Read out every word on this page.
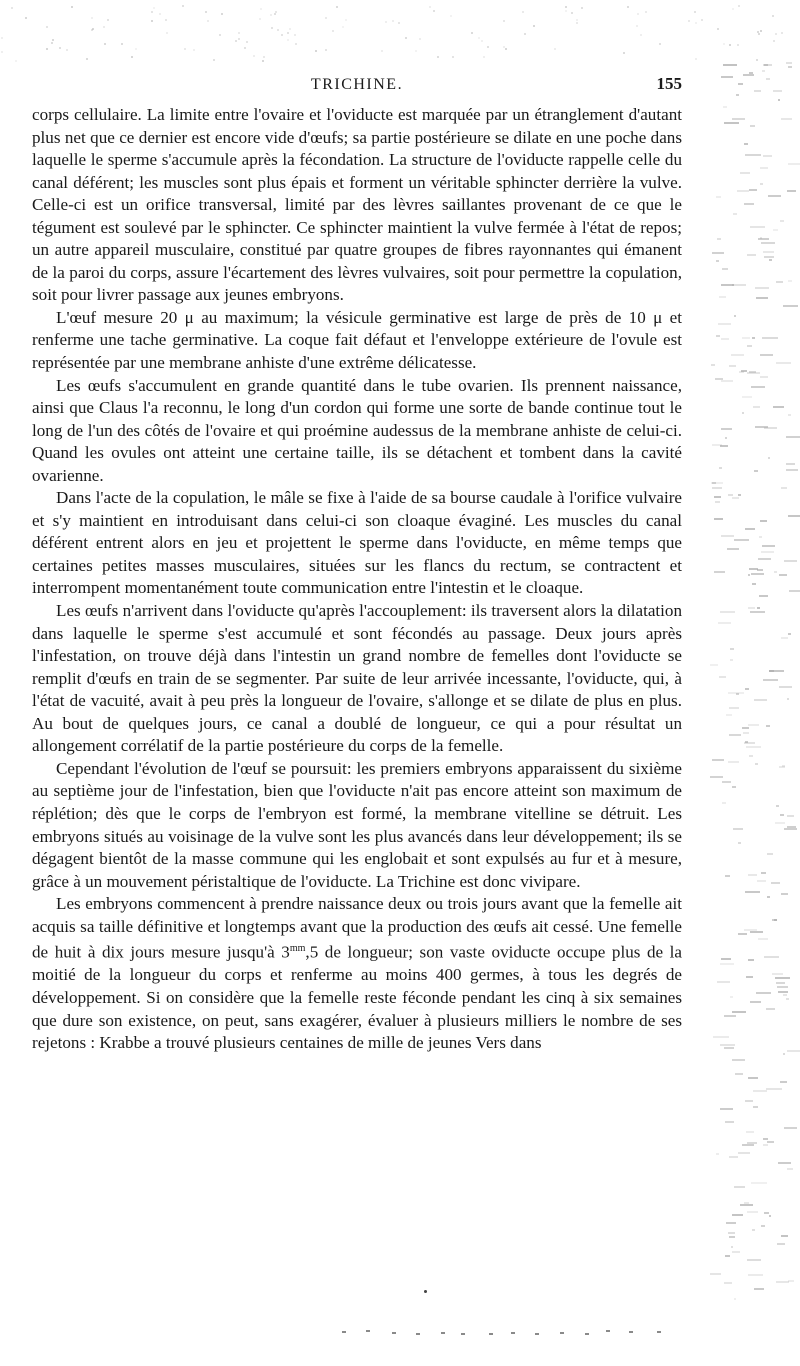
TRICHINE.	155

corps cellulaire. La limite entre l'ovaire et l'oviducte est marquée par un étranglement d'autant plus net que ce dernier est encore vide d'œufs; sa partie postérieure se dilate en une poche dans laquelle le sperme s'accumule après la fécondation. La structure de l'oviducte rappelle celle du canal déférent; les muscles sont plus épais et forment un véritable sphincter derrière la vulve. Celle-ci est un orifice transversal, limité par des lèvres saillantes provenant de ce que le tégument est soulevé par le sphincter. Ce sphincter maintient la vulve fermée à l'état de repos; un autre appareil musculaire, constitué par quatre groupes de fibres rayonnantes qui émanent de la paroi du corps, assure l'écartement des lèvres vulvaires, soit pour permettre la copulation, soit pour livrer passage aux jeunes embryons.

L'œuf mesure 20 μ au maximum; la vésicule germinative est large de près de 10 μ et renferme une tache germinative. La coque fait défaut et l'enveloppe extérieure de l'ovule est représentée par une membrane anhiste d'une extrême délicatesse.

Les œufs s'accumulent en grande quantité dans le tube ovarien. Ils prennent naissance, ainsi que Claus l'a reconnu, le long d'un cordon qui forme une sorte de bande continue tout le long de l'un des côtés de l'ovaire et qui proémine audessus de la membrane anhiste de celui-ci. Quand les ovules ont atteint une certaine taille, ils se détachent et tombent dans la cavité ovarienne.

Dans l'acte de la copulation, le mâle se fixe à l'aide de sa bourse caudale à l'orifice vulvaire et s'y maintient en introduisant dans celui-ci son cloaque évaginé. Les muscles du canal déférent entrent alors en jeu et projettent le sperme dans l'oviducte, en même temps que certaines petites masses musculaires, situées sur les flancs du rectum, se contractent et interrompent momentanément toute communication entre l'intestin et le cloaque.

Les œufs n'arrivent dans l'oviducte qu'après l'accouplement: ils traversent alors la dilatation dans laquelle le sperme s'est accumulé et sont fécondés au passage. Deux jours après l'infestation, on trouve déjà dans l'intestin un grand nombre de femelles dont l'oviducte se remplit d'œufs en train de se segmenter. Par suite de leur arrivée incessante, l'oviducte, qui, à l'état de vacuité, avait à peu près la longueur de l'ovaire, s'allonge et se dilate de plus en plus. Au bout de quelques jours, ce canal a doublé de longueur, ce qui a pour résultat un allongement corrélatif de la partie postérieure du corps de la femelle.

Cependant l'évolution de l'œuf se poursuit: les premiers embryons apparaissent du sixième au septième jour de l'infestation, bien que l'oviducte n'ait pas encore atteint son maximum de réplétion; dès que le corps de l'embryon est formé, la membrane vitelline se détruit. Les embryons situés au voisinage de la vulve sont les plus avancés dans leur développement; ils se dégagent bientôt de la masse commune qui les englobait et sont expulsés au fur et à mesure, grâce à un mouvement péristaltique de l'oviducte. La Trichine est donc vivipare.

Les embryons commencent à prendre naissance deux ou trois jours avant que la femelle ait acquis sa taille définitive et longtemps avant que la production des œufs ait cessé. Une femelle de huit à dix jours mesure jusqu'à $3^{mm},5$ de longueur; son vaste oviducte occupe plus de la moitié de la longueur du corps et renferme au moins 400 germes, à tous les degrés de développement. Si on considère que la femelle reste féconde pendant les cinq à six semaines que dure son existence, on peut, sans exagérer, évaluer à plusieurs milliers le nombre de ses rejetons : Krabbe a trouvé plusieurs centaines de mille de jeunes Vers dans
